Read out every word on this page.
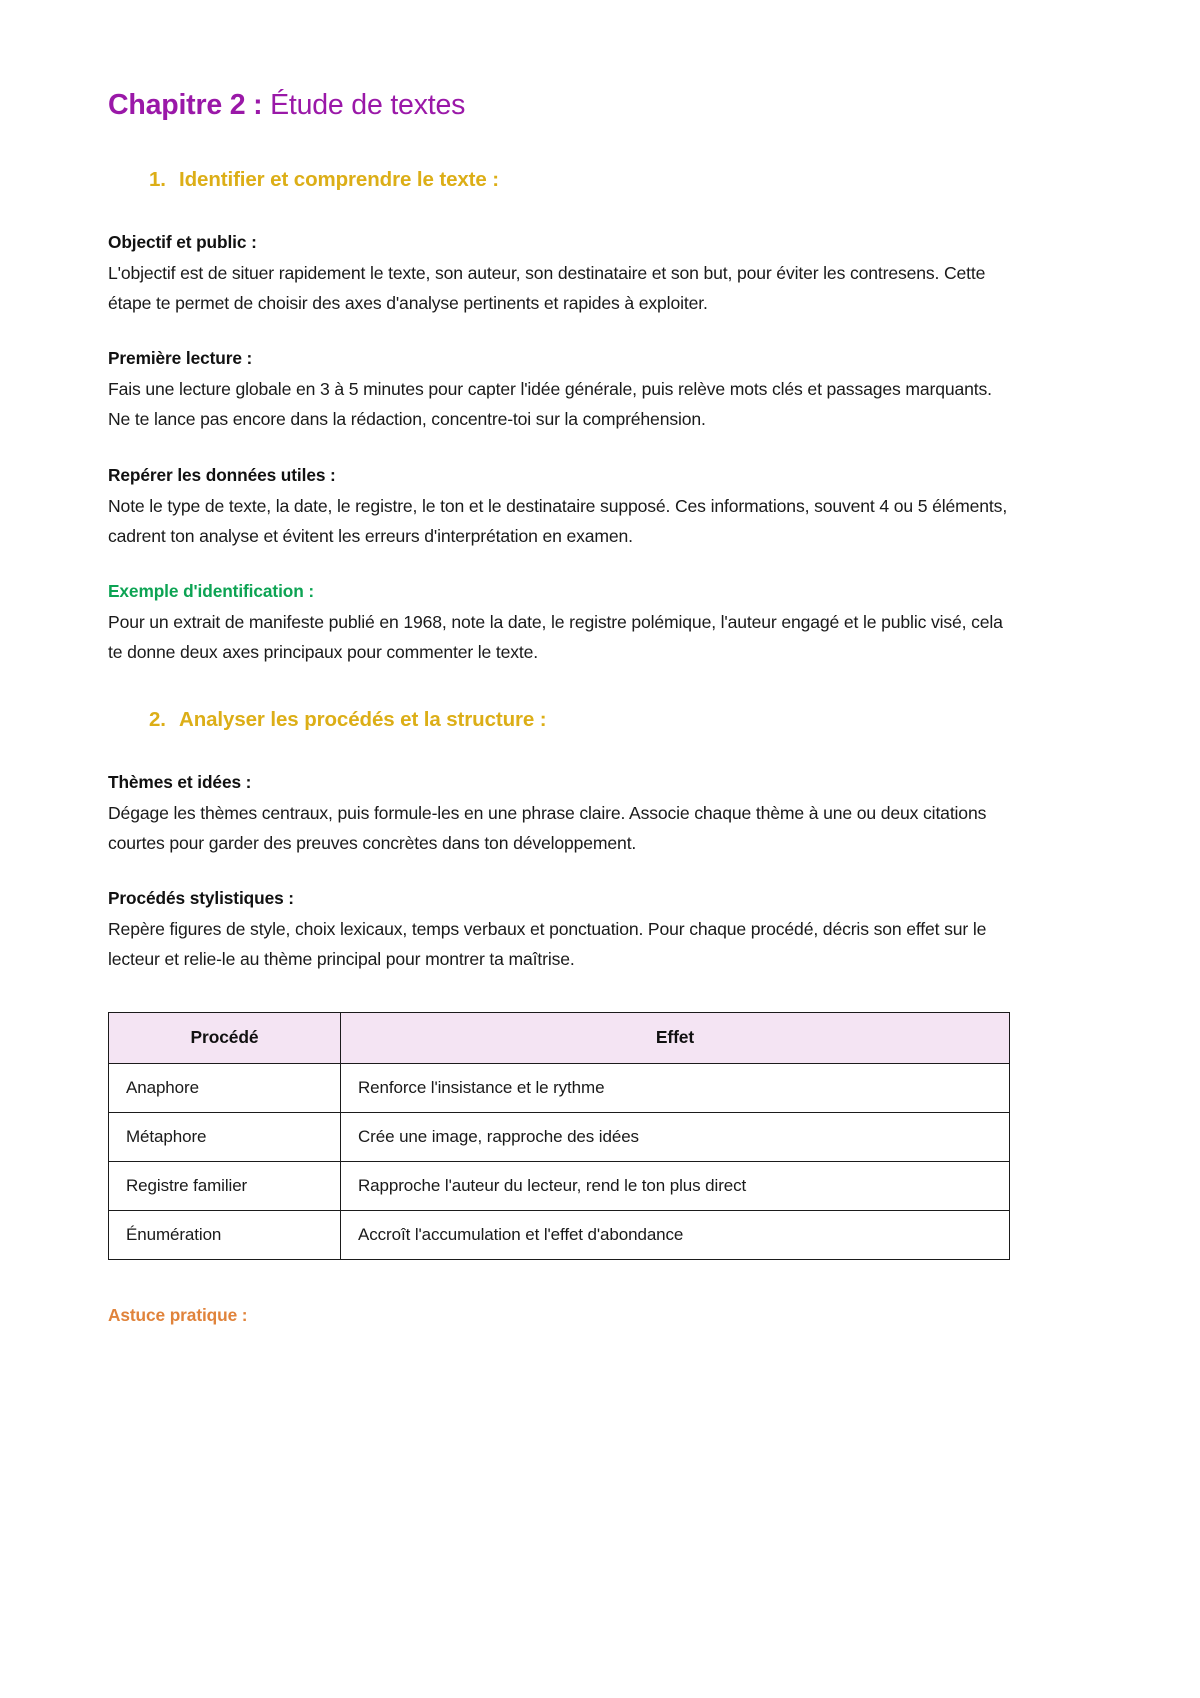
Chapitre 2 : Étude de textes
1. Identifier et comprendre le texte :
Objectif et public :

L'objectif est de situer rapidement le texte, son auteur, son destinataire et son but, pour éviter les contresens. Cette étape te permet de choisir des axes d'analyse pertinents et rapides à exploiter.

Première lecture :

Fais une lecture globale en 3 à 5 minutes pour capter l'idée générale, puis relève mots clés et passages marquants. Ne te lance pas encore dans la rédaction, concentre-toi sur la compréhension.

Repérer les données utiles :

Note le type de texte, la date, le registre, le ton et le destinataire supposé. Ces informations, souvent 4 ou 5 éléments, cadrent ton analyse et évitent les erreurs d'interprétation en examen.

Exemple d'identification :

Pour un extrait de manifeste publié en 1968, note la date, le registre polémique, l'auteur engagé et le public visé, cela te donne deux axes principaux pour commenter le texte.

2. Analyser les procédés et la structure :
Thèmes et idées :

Dégage les thèmes centraux, puis formule-les en une phrase claire. Associe chaque thème à une ou deux citations courtes pour garder des preuves concrètes dans ton développement.

Procédés stylistiques :

Repère figures de style, choix lexicaux, temps verbaux et ponctuation. Pour chaque procédé, décris son effet sur le lecteur et relie-le au thème principal pour montrer ta maîtrise.

Procédé	Effet
Anaphore	Renforce l'insistance et le rythme
Métaphore	Crée une image, rapproche des idées
Registre familier	Rapproche l'auteur du lecteur, rend le ton plus direct
Énumération	Accroît l'accumulation et l'effet d'abondance
Astuce pratique :
